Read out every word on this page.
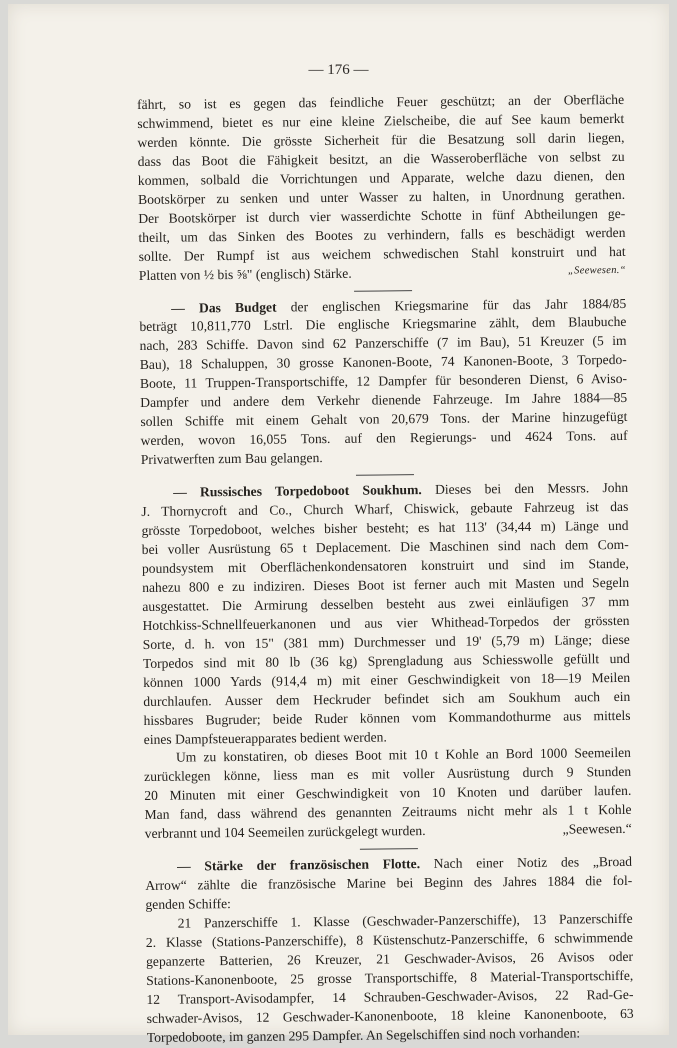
— 176 —

fährt, so ist es gegen das feindliche Feuer geschützt; an der Oberfläche

schwimmend, bietet es nur eine kleine Zielscheibe, die auf See kaum bemerkt

werden könnte. Die grösste Sicherheit für die Besatzung soll darin liegen,

dass das Boot die Fähigkeit besitzt, an die Wasseroberfläche von selbst zu

kommen, solbald die Vorrichtungen und Apparate, welche dazu dienen, den

Bootskörper zu senken und unter Wasser zu halten, in Unordnung gerathen.

Der Bootskörper ist durch vier wasserdichte Schotte in fünf Abtheilungen ge-

theilt, um das Sinken des Bootes zu verhindern, falls es beschädigt werden

sollte. Der Rumpf ist aus weichem schwedischen Stahl konstruirt und hat

Platten von ½ bis ⅝" (englisch) Stärke.	„Seewesen.“

— Das Budget der englischen Kriegsmarine für das Jahr 1884/85

beträgt 10,811,770 Lstrl. Die englische Kriegsmarine zählt, dem Blaubuche

nach, 283 Schiffe. Davon sind 62 Panzerschiffe (7 im Bau), 51 Kreuzer (5 im

Bau), 18 Schaluppen, 30 grosse Kanonen-Boote, 74 Kanonen-Boote, 3 Torpedo-

Boote, 11 Truppen-Transportschiffe, 12 Dampfer für besonderen Dienst, 6 Aviso-

Dampfer und andere dem Verkehr dienende Fahrzeuge. Im Jahre 1884—85

sollen Schiffe mit einem Gehalt von 20,679 Tons. der Marine hinzugefügt

werden, wovon 16,055 Tons. auf den Regierungs- und 4624 Tons. auf

Privatwerften zum Bau gelangen.

— Russisches Torpedoboot Soukhum. Dieses bei den Messrs. John

J. Thornycroft and Co., Church Wharf, Chiswick, gebaute Fahrzeug ist das

grösste Torpedoboot, welches bisher besteht; es hat 113' (34,44 m) Länge und

bei voller Ausrüstung 65 t Deplacement. Die Maschinen sind nach dem Com-

poundsystem mit Oberflächenkondensatoren konstruirt und sind im Stande,

nahezu 800 e zu indiziren. Dieses Boot ist ferner auch mit Masten und Segeln

ausgestattet. Die Armirung desselben besteht aus zwei einläufigen 37 mm

Hotchkiss-Schnellfeuerkanonen und aus vier Whithead-Torpedos der grössten

Sorte, d. h. von 15" (381 mm) Durchmesser und 19' (5,79 m) Länge; diese

Torpedos sind mit 80 lb (36 kg) Sprengladung aus Schiesswolle gefüllt und

können 1000 Yards (914,4 m) mit einer Geschwindigkeit von 18—19 Meilen

durchlaufen. Ausser dem Heckruder befindet sich am Soukhum auch ein

hissbares Bugruder; beide Ruder können vom Kommandothurme aus mittels

eines Dampfsteuerapparates bedient werden.

Um zu konstatiren, ob dieses Boot mit 10 t Kohle an Bord 1000 Seemeilen

zurücklegen könne, liess man es mit voller Ausrüstung durch 9 Stunden

20 Minuten mit einer Geschwindigkeit von 10 Knoten und darüber laufen.

Man fand, dass während des genannten Zeitraums nicht mehr als 1 t Kohle

verbrannt und 104 Seemeilen zurückgelegt wurden.	„Seewesen.“

— Stärke der französischen Flotte. Nach einer Notiz des „Broad

Arrow“ zählte die französische Marine bei Beginn des Jahres 1884 die fol-

genden Schiffe:

21 Panzerschiffe 1. Klasse (Geschwader-Panzerschiffe), 13 Panzerschiffe

2. Klasse (Stations-Panzerschiffe), 8 Küstenschutz-Panzerschiffe, 6 schwimmende

gepanzerte Batterien, 26 Kreuzer, 21 Geschwader-Avisos, 26 Avisos oder

Stations-Kanonenboote, 25 grosse Transportschiffe, 8 Material-Transportschiffe,

12 Transport-Avisodampfer, 14 Schrauben-Geschwader-Avisos, 22 Rad-Ge-

schwader-Avisos, 12 Geschwader-Kanonenboote, 18 kleine Kanonenboote, 63

Torpedoboote, im ganzen 295 Dampfer. An Segelschiffen sind noch vorhanden:
